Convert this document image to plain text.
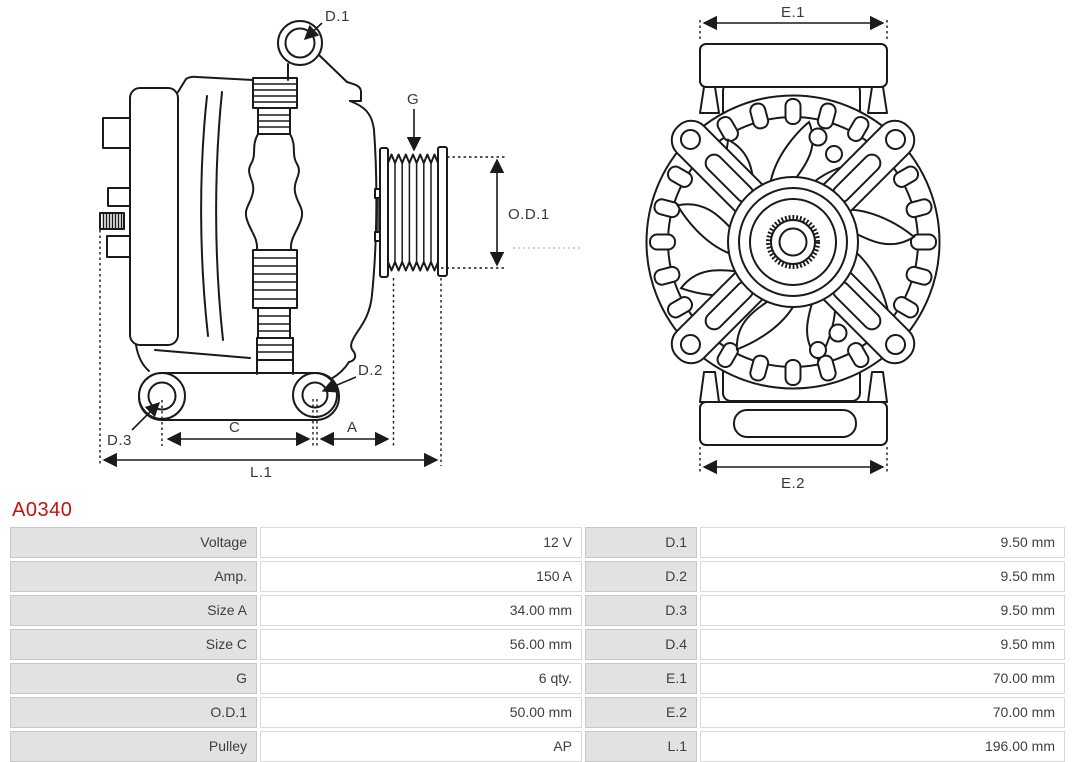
D.1
G
O.D.1
D.2
D.3
C	A
L.1
E.1
E.2
A0340
Voltage	12 V	D.1	9.50 mm
Amp.	150 A	D.2	9.50 mm
Size A	34.00 mm	D.3	9.50 mm
Size C	56.00 mm	D.4	9.50 mm
G	6 qty.	E.1	70.00 mm
O.D.1	50.00 mm	E.2	70.00 mm
Pulley	AP	L.1	196.00 mm
